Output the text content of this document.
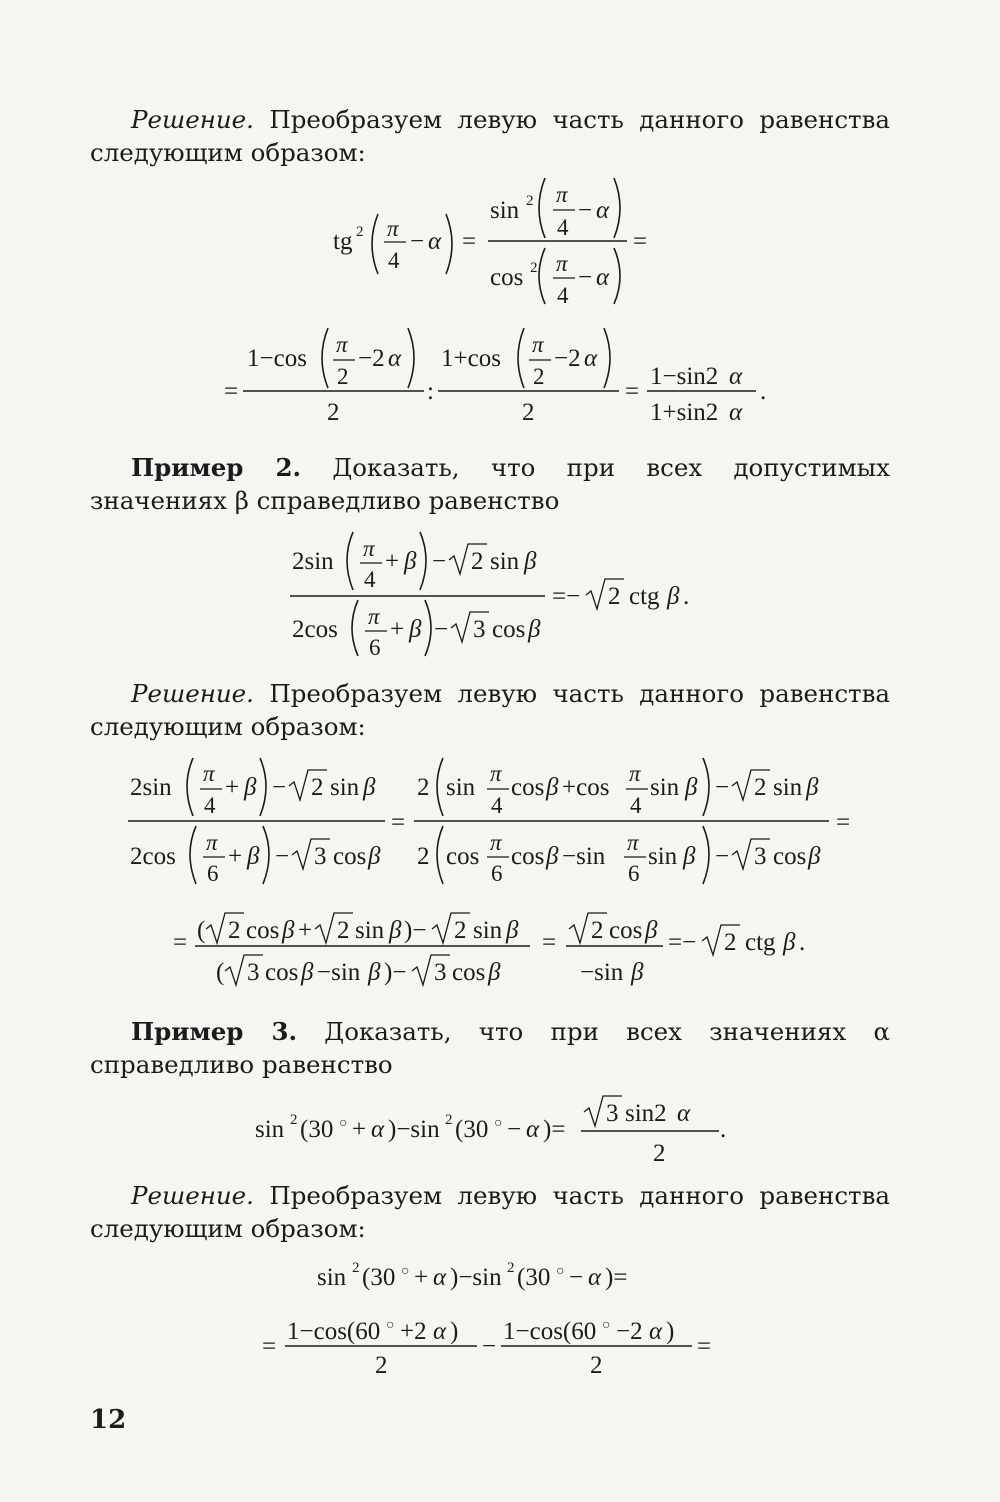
Решение. Преобразуем левую часть данного равенства следующим образом:

tg 2 π
4
− α =
sin 2 π
4
− α
cos 2 π
4
− α
=
=
1−cos
π
2
−2 α
2
:
1+cos
π
2
−2 α
2
=
1−sin2 α
1+sin2 α
.

Пример 2. Доказать, что при всех допустимых значениях β справедливо равенство

2sin π
4
+ β − 2 sin β
2cos π
6
+ β − 3 cos β
=− 2 ctg β .

Решение. Преобразуем левую часть данного равенства следующим образом:

2sin
π
4
+ β − 2 sin β
2cos
π
6
+ β − 3 cos β
=
2 sin
π
4
cos β +cos
π
4
sin β − 2 sin β
2 cos
π
6
cos β −sin
π
6
sin β − 3 cos β
=
= ( 2 cos β + 2 sin β )− 2 sin β
( 3 cos β −sin β )− 3 cos β
= 2 cos β
−sin β
=− 2 ctg β .

Пример 3. Доказать, что при всех значениях α справедливо равенство

sin 2 (30 ○ + α )−sin 2 (30 ○ − α )=
3 sin2 α
2
.

Решение. Преобразуем левую часть данного равенства следующим образом:

sin 2 (30 ○ + α )−sin 2 (30 ○ − α )=
=
1−cos(60 ○ +2 α )
2
−
1−cos(60 ○ −2 α )
2
=
12
